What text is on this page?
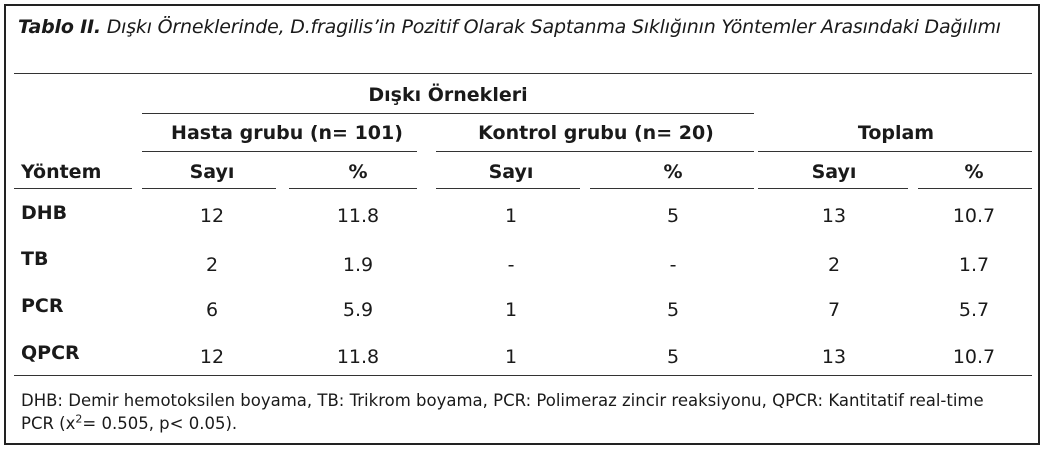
Tablo II. Dışkı Örneklerinde, D.fragilis’in Pozitif Olarak Saptanma Sıklığının Yöntemler Arasındaki Dağılımı
Dışkı Örnekleri
Hasta grubu (n= 101)	Kontrol grubu (n= 20)	Toplam
Yöntem	Sayı	%	Sayı	%	Sayı	%
DHB	12	11.8	1	5	13	10.7
TB	2	1.9	-	-	2	1.7
PCR	6	5.9	1	5	7	5.7
QPCR	12	11.8	1	5	13	10.7
DHB: Demir hemotoksilen boyama, TB: Trikrom boyama, PCR: Polimeraz zincir reaksiyonu, QPCR: Kantitatif real-time
PCR ($x^2= 0.505$, p< 0.05).
